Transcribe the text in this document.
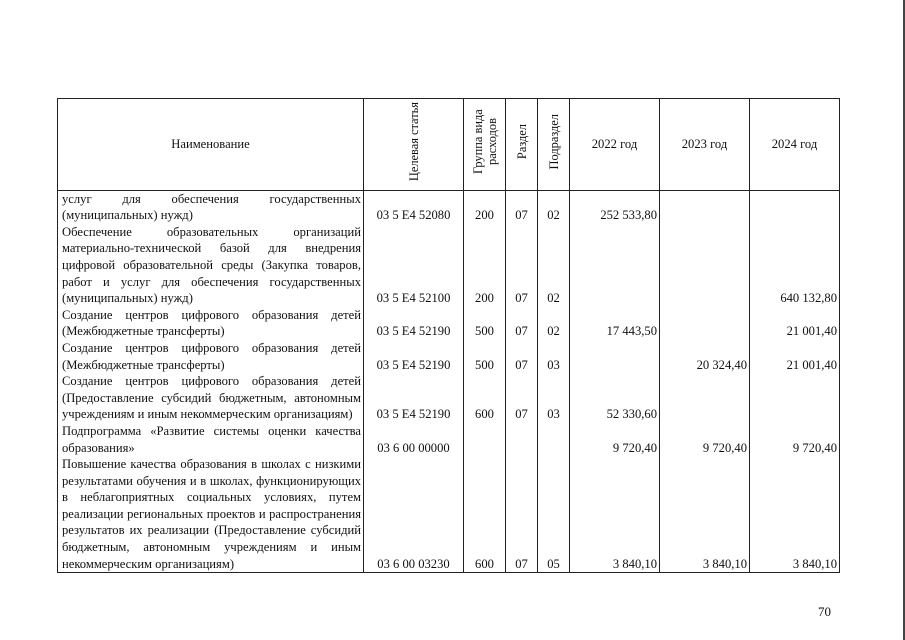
Наименование	Целевая статья	Группа вида расходов	Раздел	Подраздел	2022 год	2023 год	2024 год
услуг для обеспечения государственных (муниципальных) нужд)	03 5 Е4 52080	200	07	02	252 533,80		
Обеспечение образовательных организаций материально-технической базой для внедрения цифровой образовательной среды (Закупка товаров, работ и услуг для обеспечения государственных (муниципальных) нужд)	03 5 Е4 52100	200	07	02			640 132,80
Создание центров цифрового образования детей (Межбюджетные трансферты)	03 5 Е4 52190	500	07	02	17 443,50		21 001,40
Создание центров цифрового образования детей (Межбюджетные трансферты)	03 5 Е4 52190	500	07	03		20 324,40	21 001,40
Создание центров цифрового образования детей (Предоставление субсидий бюджетным, автономным учреждениям и иным некоммерческим организациям)	03 5 Е4 52190	600	07	03	52 330,60		
Подпрограмма «Развитие системы оценки качества образования»	03 6 00 00000				9 720,40	9 720,40	9 720,40
Повышение качества образования в школах с низкими результатами обучения и в школах, функционирующих в неблагоприятных социальных условиях, путем реализации региональных проектов и распространения результатов их реализации (Предоставление субсидий бюджетным, автономным учреждениям и иным некоммерческим организациям)	03 6 00 03230	600	07	05	3 840,10	3 840,10	3 840,10
70
